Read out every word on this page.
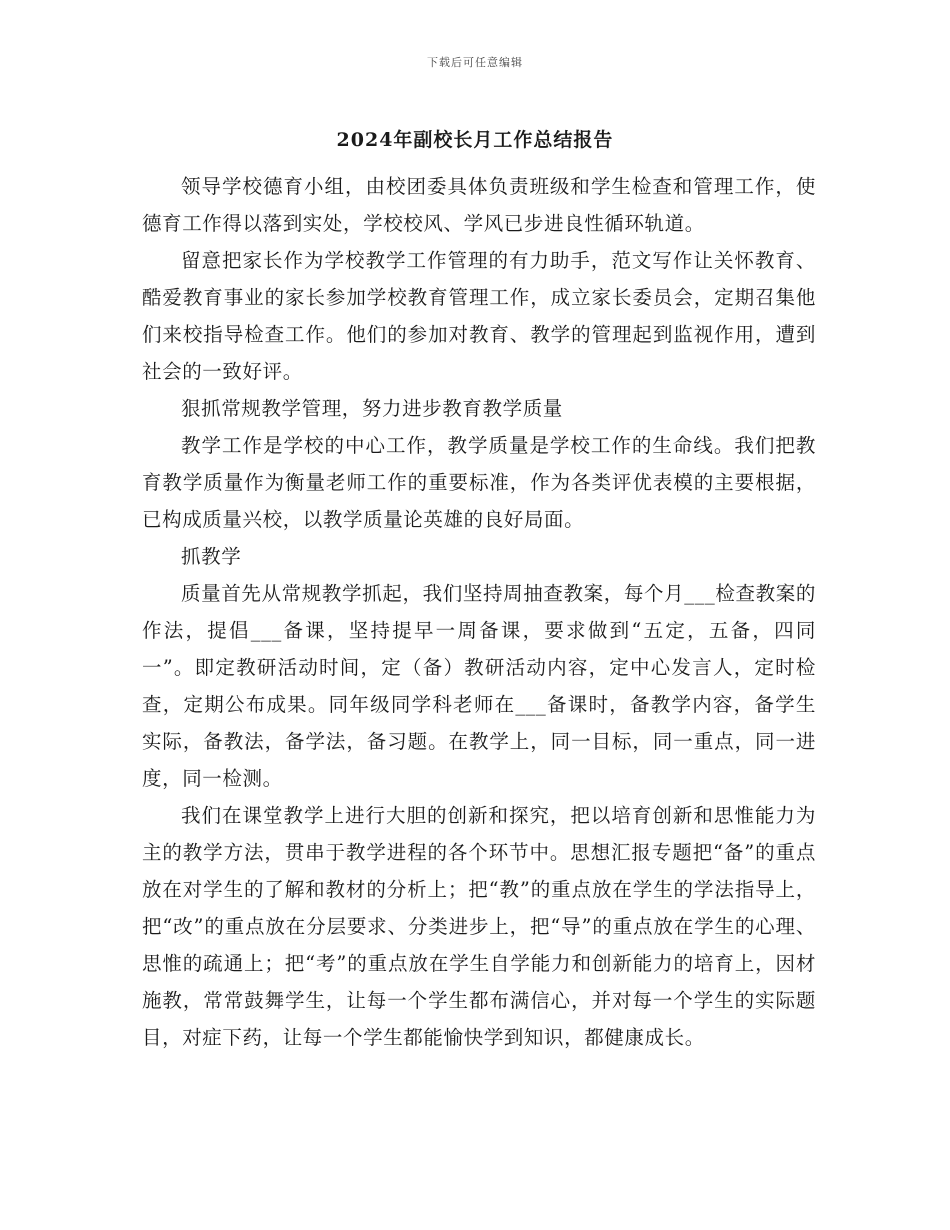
下载后可任意编辑
2024年副校长月工作总结报告

领导学校德育小组，由校团委具体负责班级和学生检查和管理工作，使德育工作得以落到实处，学校校风、学风已步进良性循环轨道。

留意把家长作为学校教学工作管理的有力助手，范文写作让关怀教育、酷爱教育事业的家长参加学校教育管理工作，成立家长委员会，定期召集他们来校指导检查工作。他们的参加对教育、教学的管理起到监视作用，遭到社会的一致好评。

狠抓常规教学管理，努力进步教育教学质量

教学工作是学校的中心工作，教学质量是学校工作的生命线。我们把教育教学质量作为衡量老师工作的重要标准，作为各类评优表模的主要根据，已构成质量兴校，以教学质量论英雄的良好局面。

抓教学

质量首先从常规教学抓起，我们坚持周抽查教案，每个月___检查教案的作法，提倡___备课，坚持提早一周备课，要求做到“五定，五备，四同一”。即定教研活动时间，定（备）教研活动内容，定中心发言人，定时检查，定期公布成果。同年级同学科老师在___备课时，备教学内容，备学生实际，备教法，备学法，备习题。在教学上，同一目标，同一重点，同一进度，同一检测。

我们在课堂教学上进行大胆的创新和探究，把以培育创新和思惟能力为主的教学方法，贯串于教学进程的各个环节中。思想汇报专题把“备”的重点放在对学生的了解和教材的分析上；把“教”的重点放在学生的学法指导上，把“改”的重点放在分层要求、分类进步上，把“导”的重点放在学生的心理、思惟的疏通上；把“考”的重点放在学生自学能力和创新能力的培育上，因材施教，常常鼓舞学生，让每一个学生都布满信心，并对每一个学生的实际题目，对症下药，让每一个学生都能愉快学到知识，都健康成长。
